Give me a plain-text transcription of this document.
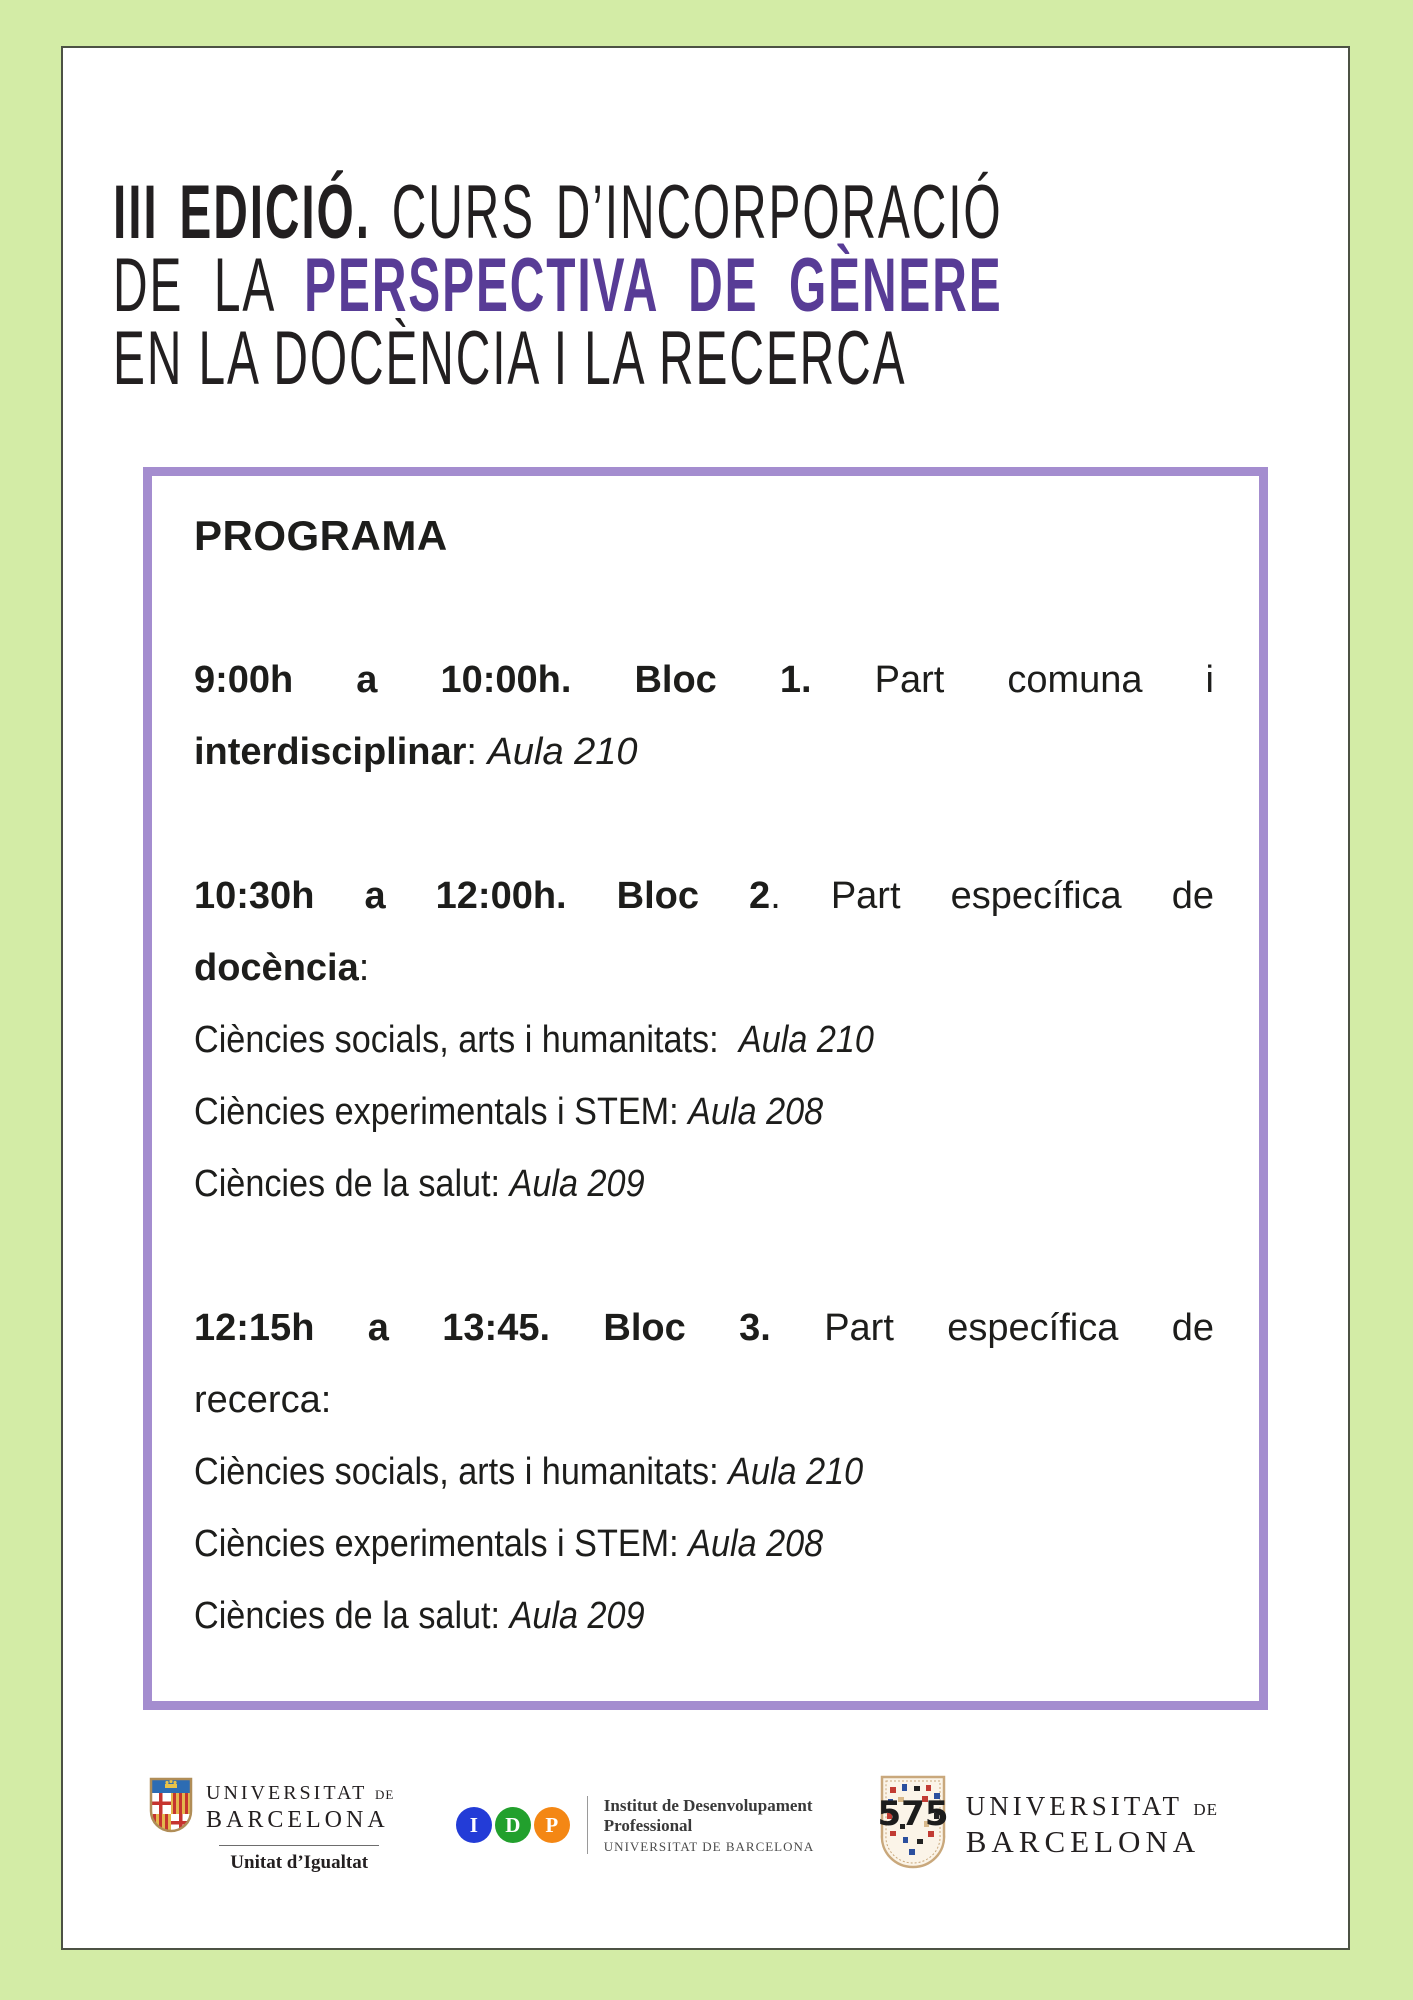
III EDICIÓ. CURS D’INCORPORACIÓ
DE LA PERSPECTIVA DE GÈNERE
EN LA DOCÈNCIA I LA RECERCA
PROGRAMA
9:00h a 10:00h. Bloc 1. Part comuna i
interdisciplinar: Aula 210
10:30h a 12:00h. Bloc 2. Part específica de
docència:
Ciències socials, arts i humanitats: Aula 210
Ciències experimentals i STEM: Aula 208
Ciències de la salut: Aula 209
12:15h a 13:45. Bloc 3. Part específica de
recerca:
Ciències socials, arts i humanitats: Aula 210
Ciències experimentals i STEM: Aula 208
Ciències de la salut: Aula 209
UNIVERSITAT DE
BARCELONA
Unitat d’Igualtat
I	D	P
Institut de Desenvolupament
Professional
UNIVERSITAT DE BARCELONA
575 UNIVERSITAT DE
BARCELONA
